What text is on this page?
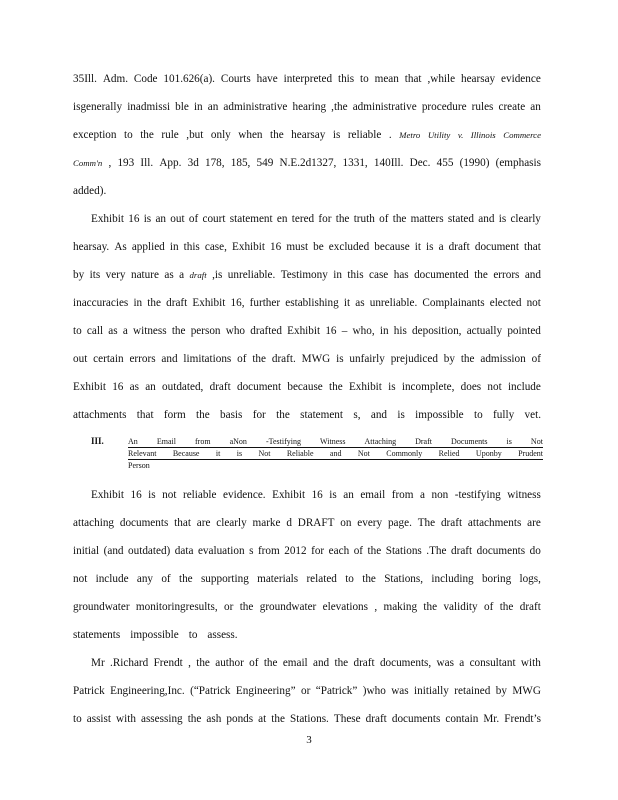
35Ill. Adm. Code 101.626(a). Courts have interpreted this to mean that ,while hearsay evidence
isgenerally inadmissi ble in an administrative hearing ,the administrative procedure rules create an
exception to the rule ,but only when the hearsay is reliable . Metro Utility v. Illinois Commerce
Comm'n , 193 Ill. App. 3d 178, 185, 549 N.E.2d1327, 1331, 140Ill. Dec. 455 (1990) (emphasis
added).
Exhibit 16 is an out of court statement en tered for the truth of the matters stated and is clearly
hearsay. As applied in this case, Exhibit 16 must be excluded because it is a draft document that
by its very nature as a draft ,is unreliable. Testimony in this case has documented the errors and
inaccuracies in the draft Exhibit 16, further establishing it as unreliable. Complainants elected not
to call as a witness the person who drafted Exhibit 16 – who, in his deposition, actually pointed
out certain errors and limitations of the draft. MWG is unfairly prejudiced by the admission of
Exhibit 16 as an outdated, draft document because the Exhibit is incomplete, does not include
attachments that form the basis for the statement s, and is impossible to fully vet.
III.	An Email from aNon -Testifying Witness Attaching Draft Documents is Not
Relevant Because it is Not Reliable and Not Commonly Relied Uponby Prudent
Person
Exhibit 16 is not reliable evidence. Exhibit 16 is an email from a non -testifying witness
attaching documents that are clearly marke d DRAFT on every page. The draft attachments are
initial (and outdated) data evaluation s from 2012 for each of the Stations .The draft documents do
not include any of the supporting materials related to the Stations, including boring logs,
groundwater monitoringresults, or the groundwater elevations , making the validity of the draft
statements impossible to assess.
Mr .Richard Frendt , the author of the email and the draft documents, was a consultant with
Patrick Engineering,Inc. (“Patrick Engineering” or “Patrick” )who was initially retained by MWG
to assist with assessing the ash ponds at the Stations. These draft documents contain Mr. Frendt’s
3
